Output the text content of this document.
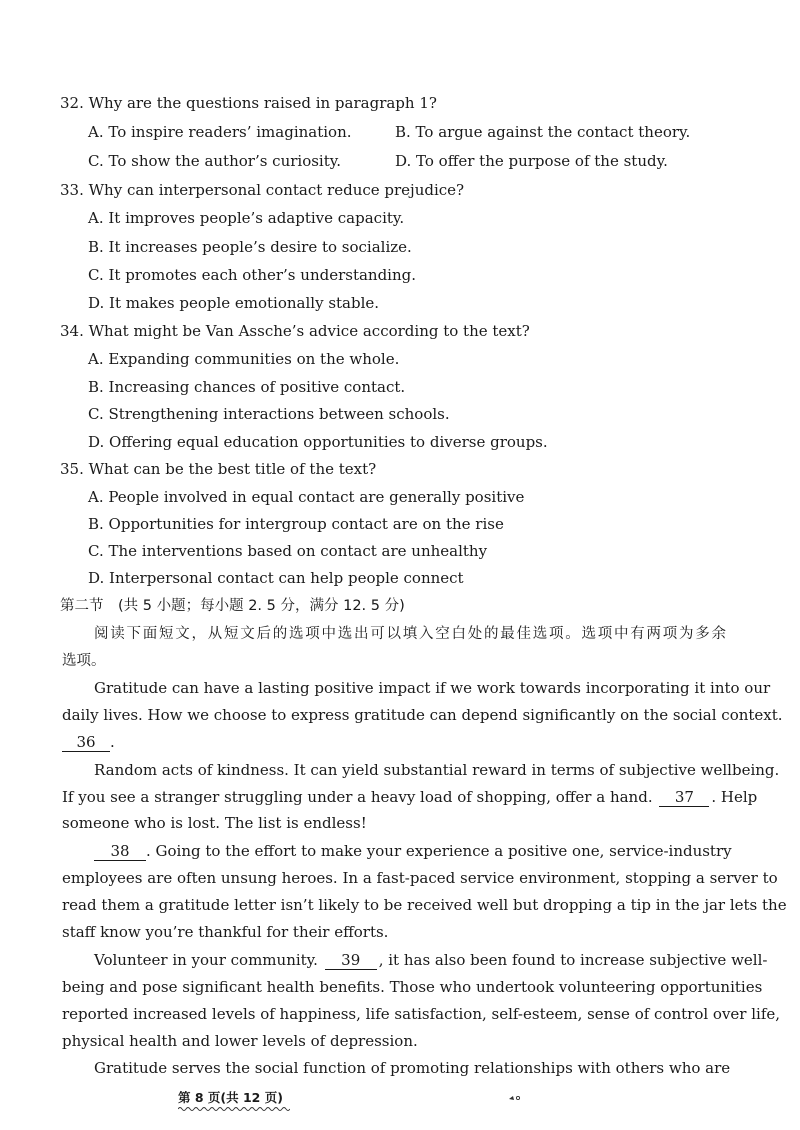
32. Why are the questions raised in paragraph 1?
A. To inspire readers’ imagination.	B. To argue against the contact theory.
C. To show the author’s curiosity.	D. To offer the purpose of the study.
33. Why can interpersonal contact reduce prejudice?
A. It improves people’s adaptive capacity.
B. It increases people’s desire to socialize.
C. It promotes each other’s understanding.
D. It makes people emotionally stable.
34. What might be Van Assche’s advice according to the text?
A. Expanding communities on the whole.
B. Increasing chances of positive contact.
C. Strengthening interactions between schools.
D. Offering equal education opportunities to diverse groups.
35. What can be the best title of the text?
A. People involved in equal contact are generally positive
B. Opportunities for intergroup contact are on the rise
C. The interventions based on contact are unhealthy
D. Interpersonal contact can help people connect
第二节　(共 5 小题；每小题 2. 5 分，满分 12. 5 分)
阅读下面短文，从短文后的选项中选出可以填入空白处的最佳选项。选项中有两项为多余
选项。
Gratitude can have a lasting positive impact if we work towards incorporating it into our
daily lives. How we choose to express gratitude can depend significantly on the social context.
36 .
Random acts of kindness. It can yield substantial reward in terms of subjective wellbeing.
If you see a stranger struggling under a heavy load of shopping, offer a hand. 37 . Help
someone who is lost. The list is endless!
38 . Going to the effort to make your experience a positive one, service-industry
employees are often unsung heroes. In a fast-paced service environment, stopping a server to
read them a gratitude letter isn’t likely to be received well but dropping a tip in the jar lets the
staff know you’re thankful for their efforts.
Volunteer in your community. 39 , it has also been found to increase subjective well-
being and pose significant health benefits. Those who undertook volunteering opportunities
reported increased levels of happiness, life satisfaction, self-esteem, sense of control over life,
physical health and lower levels of depression.
Gratitude serves the social function of promoting relationships with others who are
第 8 页(共 12 页)
